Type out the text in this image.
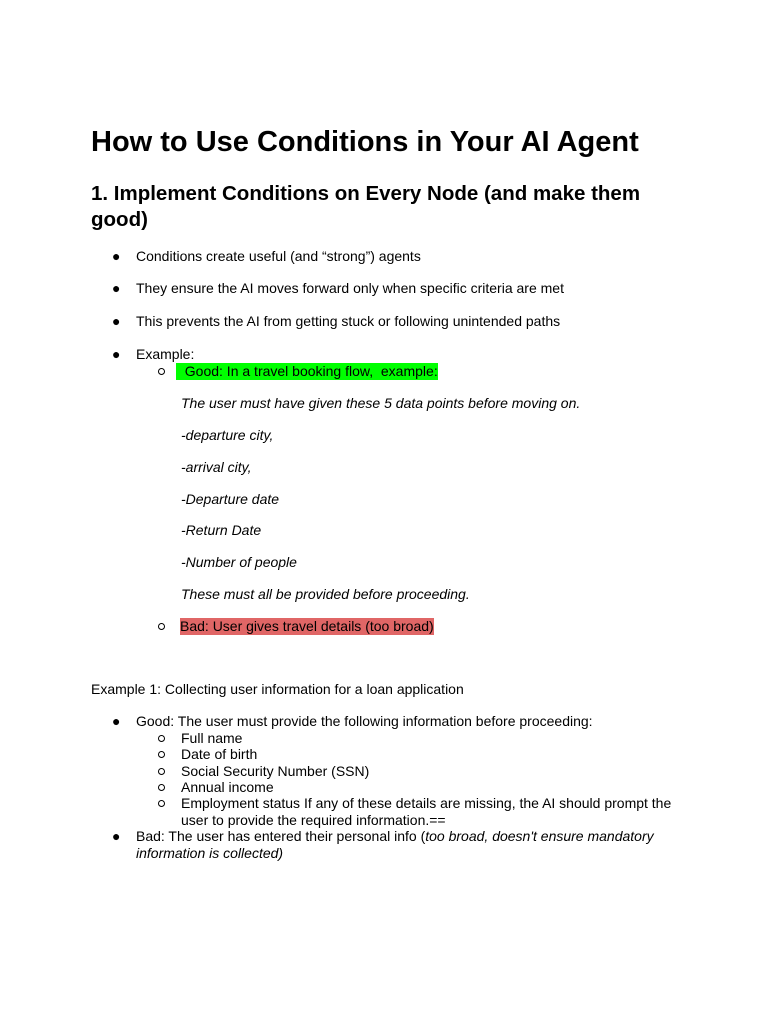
How to Use Conditions in Your AI Agent
1. Implement Conditions on Every Node (and make them good)
● Conditions create useful (and “strong”) agents
● They ensure the AI moves forward only when specific criteria are met
● This prevents the AI from getting stuck or following unintended paths
● Example:
Good: In a travel booking flow,  example:
The user must have given these 5 data points before moving on.
-departure city,
-arrival city,
-Departure date
-Return Date
-Number of people
These must all be provided before proceeding.
Bad: User gives travel details (too broad)
Example 1: Collecting user information for a loan application
● Good: The user must provide the following information before proceeding:
Full name
Date of birth
Social Security Number (SSN)
Annual income
Employment status If any of these details are missing, the AI should prompt the user to provide the required information.==
● Bad: The user has entered their personal info (too broad, doesn't ensure mandatory information is collected)
